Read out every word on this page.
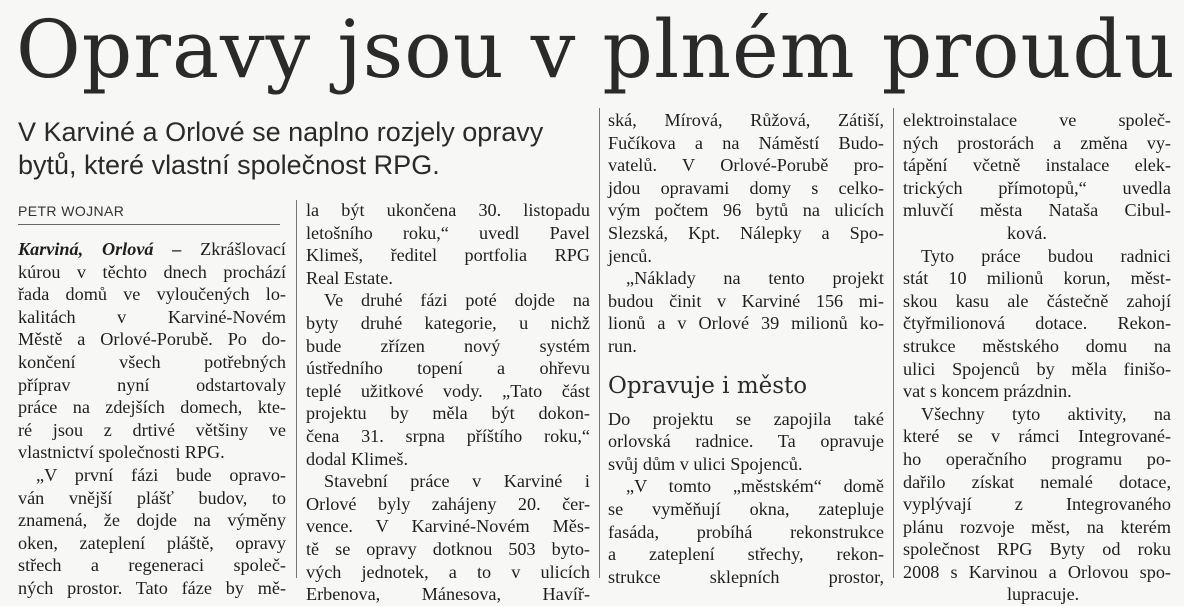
Opravy jsou v plném proudu
V Karviné a Orlové se naplno rozjely opravy
bytů, které vlastní společnost RPG.
PETR WOJNAR

Karviná, Orlová – Zkrášlovací
kúrou v těchto dnech prochází
řada domů ve vyloučených lo-
kalitách v Karviné-Novém
Městě a Orlové-Porubě. Po do-
končení všech potřebných
příprav nyní odstartovaly
práce na zdejších domech, kte-
ré jsou z drtivé většiny ve
vlastnictví společnosti RPG.

„V první fázi bude opravo-
ván vnější plášť budov, to
znamená, že dojde na výměny
oken, zateplení pláště, opravy
střech a regeneraci společ-
ných prostor. Tato fáze by mě-

la být ukončena 30. listopadu
letošního roku,“ uvedl Pavel
Klimeš, ředitel portfolia RPG
Real Estate.

Ve druhé fázi poté dojde na
byty druhé kategorie, u nichž
bude zřízen nový systém
ústředního topení a ohřevu
teplé užitkové vody. „Tato část
projektu by měla být dokon-
čena 31. srpna příštího roku,“
dodal Klimeš.

Stavební práce v Karviné i
Orlové byly zahájeny 20. čer-
vence. V Karviné-Novém Měs-
tě se opravy dotknou 503 byto-
vých jednotek, a to v ulicích
Erbenova, Mánesova, Havíř-

ská, Mírová, Růžová, Zátiší,
Fučíkova a na Náměstí Budo-
vatelů. V Orlové-Porubě pro-
jdou opravami domy s celko-
vým počtem 96 bytů na ulicích
Slezská, Kpt. Nálepky a Spo-
jenců.

„Náklady na tento projekt
budou činit v Karviné 156 mi-
lionů a v Orlové 39 milionů ko-
run.

Opravuje i město

Do projektu se zapojila také
orlovská radnice. Ta opravuje
svůj dům v ulici Spojenců.

„V tomto „městském“ domě
se vyměňují okna, zatepluje
fasáda, probíhá rekonstrukce
a zateplení střechy, rekon-
strukce sklepních prostor,

elektroinstalace ve společ-
ných prostorách a změna vy-
tápění včetně instalace elek-
trických přímotopů,“ uvedla
mluvčí města Nataša Cibul-
ková.

Tyto práce budou radnici
stát 10 milionů korun, měst-
skou kasu ale částečně zahojí
čtyřmilionová dotace. Rekon-
strukce městského domu na
ulici Spojenců by měla finišo-
vat s koncem prázdnin.

Všechny tyto aktivity, na
které se v rámci Integrované-
ho operačního programu po-
dařilo získat nemalé dotace,
vyplývají z Integrovaného
plánu rozvoje měst, na kterém
společnost RPG Byty od roku
2008 s Karvinou a Orlovou spo-
lupracuje.
